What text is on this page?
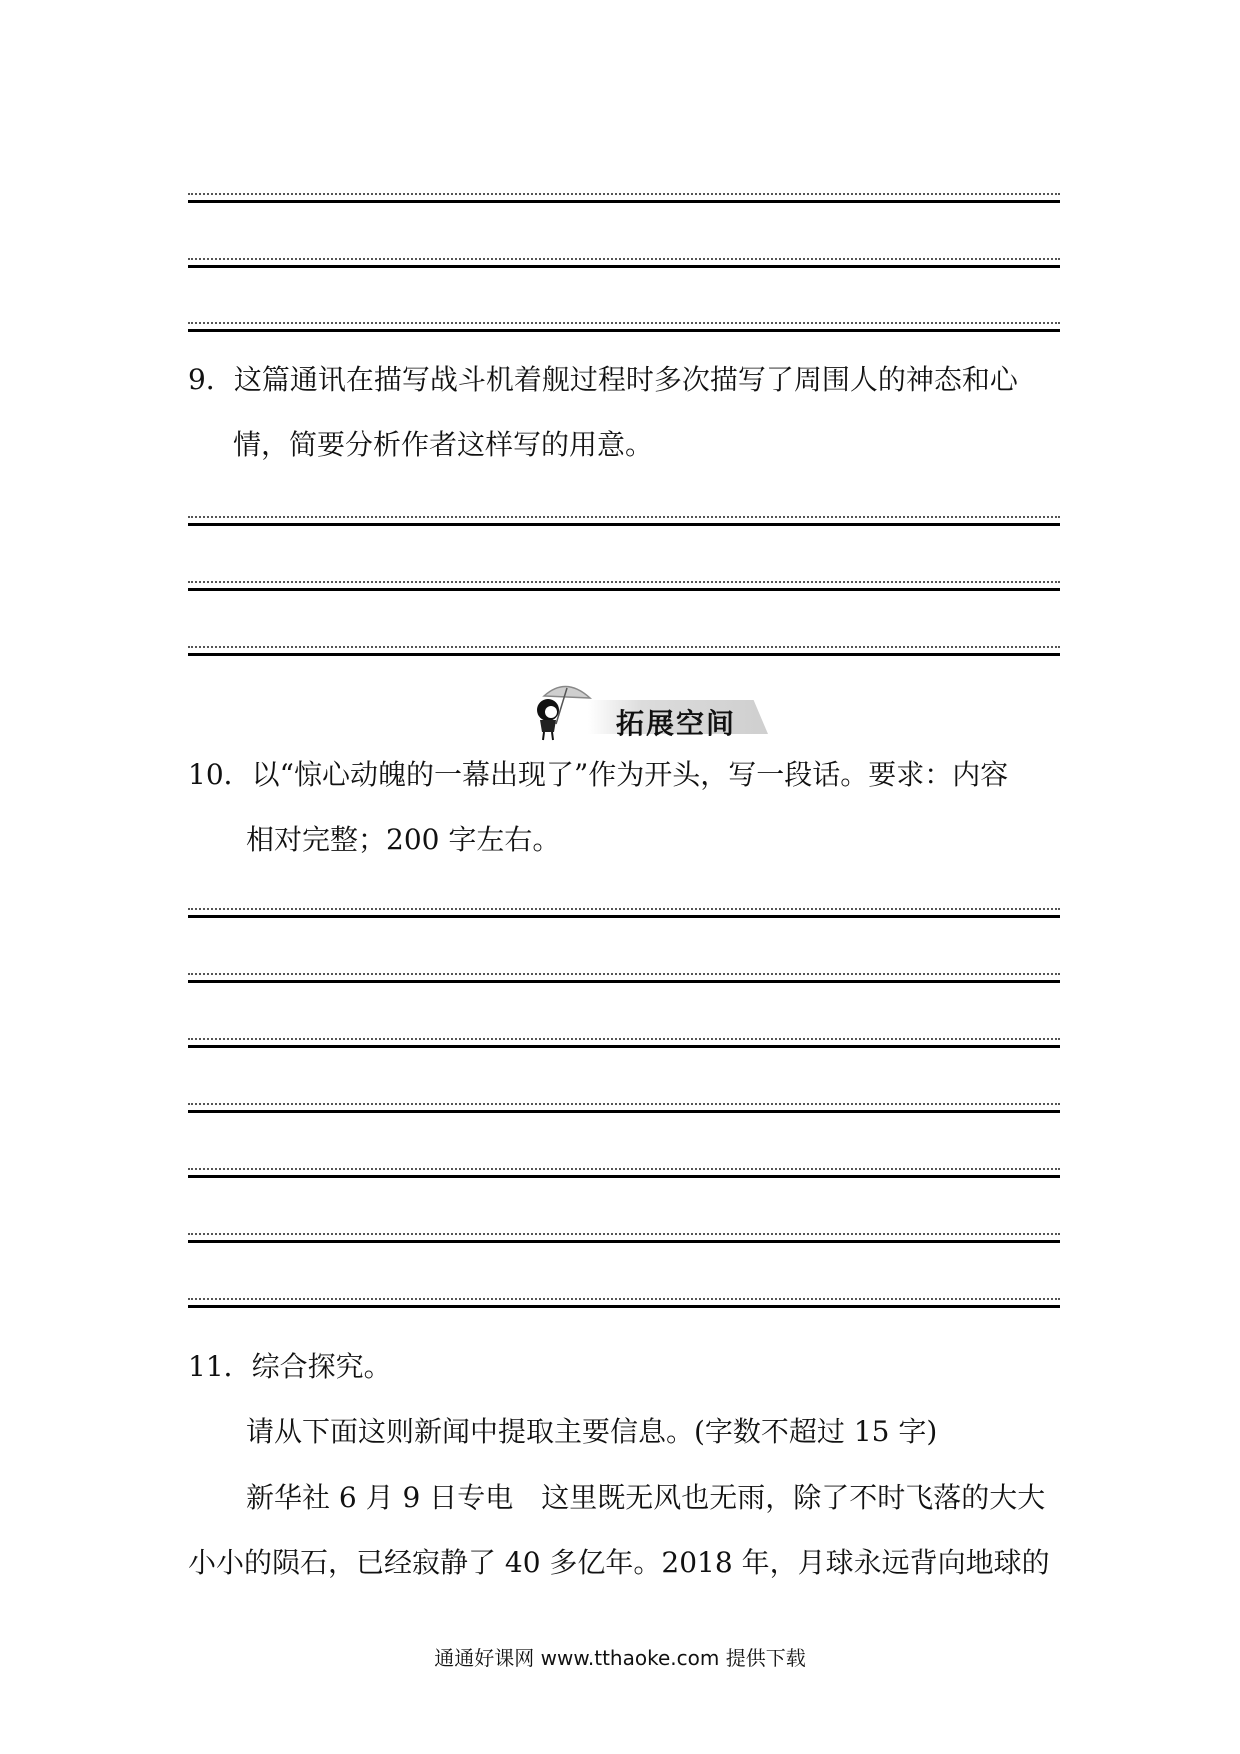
9．这篇通讯在描写战斗机着舰过程时多次描写了周围人的神态和心
情，简要分析作者这样写的用意。
拓展空间
10．以“惊心动魄的一幕出现了”作为开头，写一段话。要求：内容
相对完整；200 字左右。
11．综合探究。
请从下面这则新闻中提取主要信息。(字数不超过 15 字)
新华社 6 月 9 日专电　这里既无风也无雨，除了不时飞落的大大
小小的陨石，已经寂静了 40 多亿年。2018 年，月球永远背向地球的
通通好课网 www.tthaoke.com 提供下载
